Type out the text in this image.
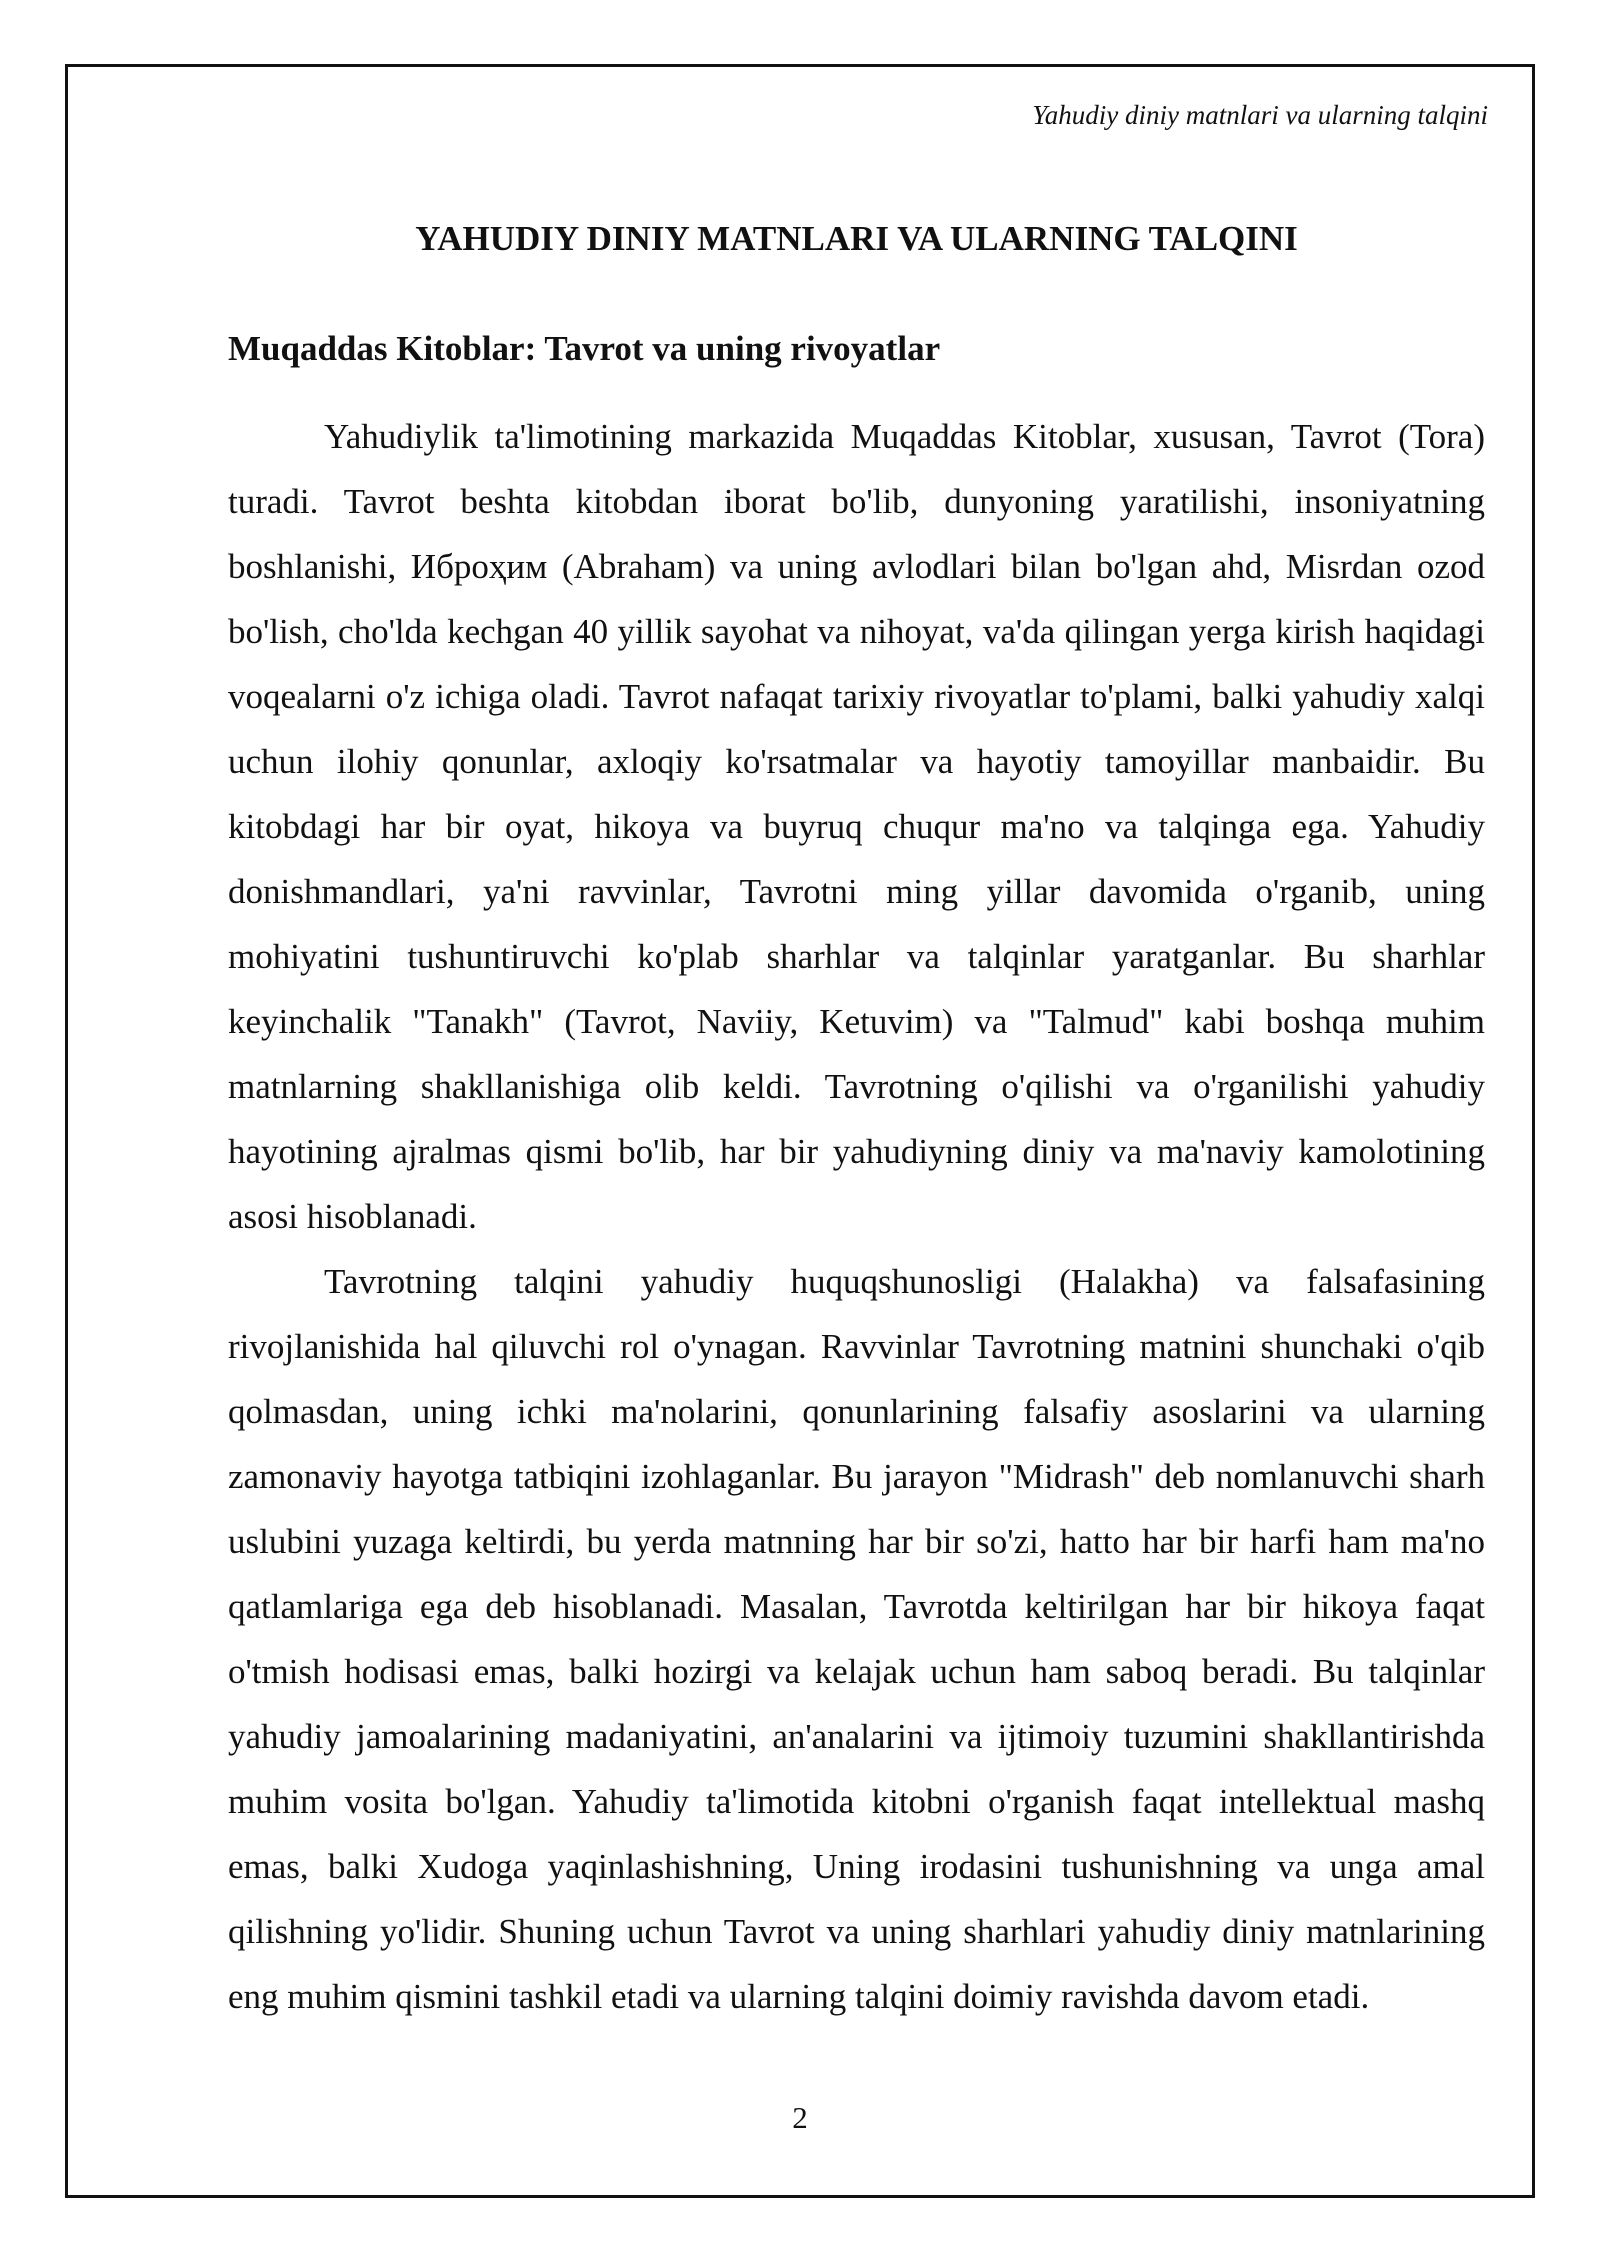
Yahudiy diniy matnlari va ularning talqini
YAHUDIY DINIY MATNLARI VA ULARNING TALQINI
Muqaddas Kitoblar: Tavrot va uning rivoyatlar

Yahudiylik ta'limotining markazida Muqaddas Kitoblar, xususan, Tavrot (Tora) turadi. Tavrot beshta kitobdan iborat bo'lib, dunyoning yaratilishi, insoniyatning boshlanishi, Иброҳим (Abraham) va uning avlodlari bilan bo'lgan ahd, Misrdan ozod bo'lish, cho'lda kechgan 40 yillik sayohat va nihoyat, va'da qilingan yerga kirish haqidagi voqealarni o'z ichiga oladi. Tavrot nafaqat tarixiy rivoyatlar to'plami, balki yahudiy xalqi uchun ilohiy qonunlar, axloqiy ko'rsatmalar va hayotiy tamoyillar manbaidir. Bu kitobdagi har bir oyat, hikoya va buyruq chuqur ma'no va talqinga ega. Yahudiy donishmandlari, ya'ni ravvinlar, Tavrotni ming yillar davomida o'rganib, uning mohiyatini tushuntiruvchi ko'plab sharhlar va talqinlar yaratganlar. Bu sharhlar keyinchalik "Tanakh" (Tavrot, Naviiy, Ketuvim) va "Talmud" kabi boshqa muhim matnlarning shakllanishiga olib keldi. Tavrotning o'qilishi va o'rganilishi yahudiy hayotining ajralmas qismi bo'lib, har bir yahudiyning diniy va ma'naviy kamolotining asosi hisoblanadi.

Tavrotning talqini yahudiy huquqshunosligi (Halakha) va falsafasining rivojlanishida hal qiluvchi rol o'ynagan. Ravvinlar Tavrotning matnini shunchaki o'qib qolmasdan, uning ichki ma'nolarini, qonunlarining falsafiy asoslarini va ularning zamonaviy hayotga tatbiqini izohlaganlar. Bu jarayon "Midrash" deb nomlanuvchi sharh uslubini yuzaga keltirdi, bu yerda matnning har bir so'zi, hatto har bir harfi ham ma'no qatlamlariga ega deb hisoblanadi. Masalan, Tavrotda keltirilgan har bir hikoya faqat o'tmish hodisasi emas, balki hozirgi va kelajak uchun ham saboq beradi. Bu talqinlar yahudiy jamoalarining madaniyatini, an'analarini va ijtimoiy tuzumini shakllantirishda muhim vosita bo'lgan. Yahudiy ta'limotida kitobni o'rganish faqat intellektual mashq emas, balki Xudoga yaqinlashishning, Uning irodasini tushunishning va unga amal qilishning yo'lidir. Shuning uchun Tavrot va uning sharhlari yahudiy diniy matnlarining eng muhim qismini tashkil etadi va ularning talqini doimiy ravishda davom etadi.

2
